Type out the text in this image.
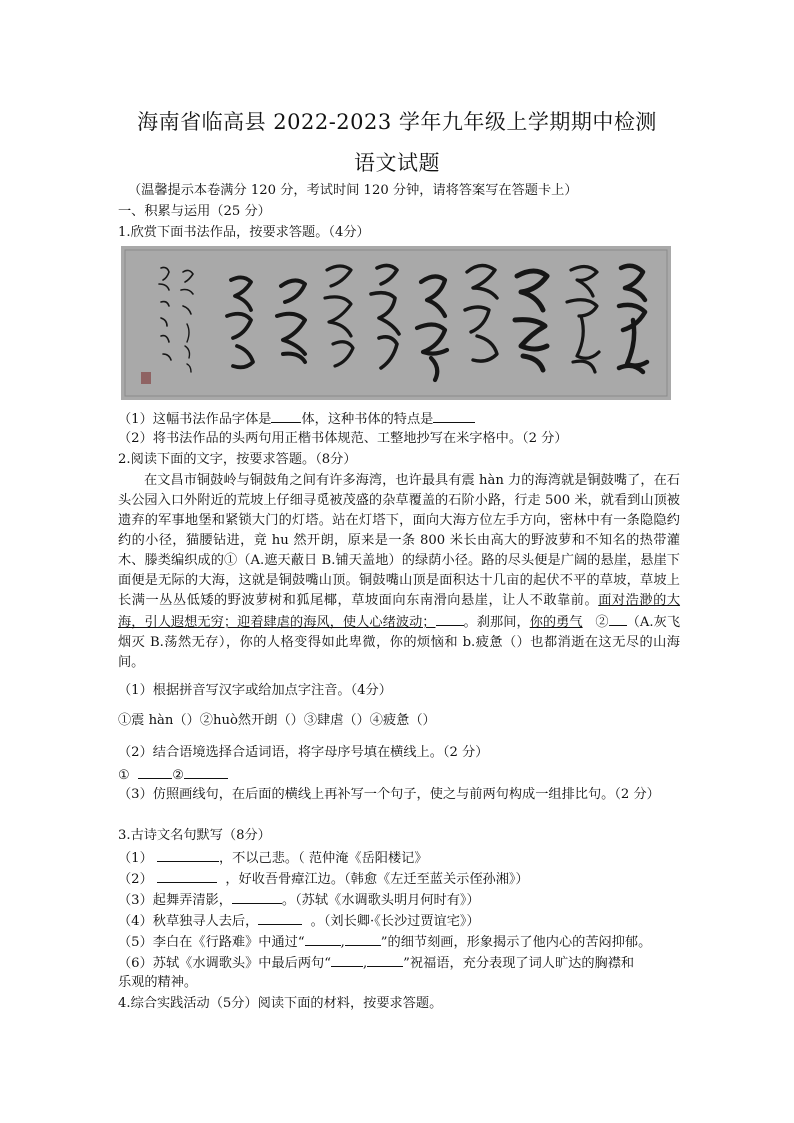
海南省临高县 2022-2023 学年九年级上学期期中检测
语文试题
（温馨提示本卷满分 120 分，考试时间 120 分钟，请将答案写在答题卡上）
一、积累与运用（25 分）
1.欣赏下面书法作品，按要求答题。（4分）
（1）这幅书法作品字体是 体，这种书体的特点是
（2）将书法作品的头两句用正楷书体规范、工整地抄写在米字格中。（2 分）
2.阅读下面的文字，按要求答题。（8分）
在文昌市铜鼓岭与铜鼓角之间有许多海湾，也许最具有震 hàn 力的海湾就是铜鼓嘴了，在石头公园入口外附近的荒坡上仔细寻觅被茂盛的杂草覆盖的石阶小路，行走 500 米，就看到山顶被遗弃的军事地堡和紧锁大门的灯塔。站在灯塔下，面向大海方位左手方向，密林中有一条隐隐约约的小径，猫腰钻进，竟 hu 然开朗，原来是一条 800 米长由高大的野波萝和不知名的热带灌木、滕类编织成的①（A.遮天蔽日 B.铺天盖地）的绿荫小径。路的尽头便是广阔的悬崖，悬崖下面便是无际的大海，这就是铜鼓嘴山顶。铜鼓嘴山顶是面积达十几亩的起伏不平的草坡，草坡上长满一丛丛低矮的野波萝树和狐尾椰，草坡面向东南滑向悬崖，让人不敢靠前。面对浩渺的大海，引人遐想无穷；迎着肆虐的海风，使人心绪波动； 。刹那间，你的勇气 ② （A.灰飞烟灭 B.荡然无存），你的人格变得如此卑微，你的烦恼和 b.疲惫（）也都消逝在这无尽的山海间。
（1）根据拼音写汉字或给加点字注音。（4分）
①震 hàn（）②huò然开朗（）③肆虐（）④疲惫（）
（2）结合语境选择合适词语，将字母序号填在横线上。（2 分）
①	②
（3）仿照画线句，在后面的横线上再补写一个句子，使之与前两句构成一组排比句。（2 分）
3.古诗文名句默写（8分）
（1）	，不以己悲。（ 范仲淹《岳阳楼记》
（2）	，好收吾骨瘴江边。（韩愈《左迁至蓝关示侄孙湘》）
（3）起舞弄清影，	。（苏轼《水调歌头明月何时有》）
（4）秋草独寻人去后，	。（刘长卿·《长沙过贾谊宅》）
（5）李白在《行路难》中通过“	,	”的细节刻画，形象揭示了他内心的苦闷抑郁。
（6）苏轼《水调歌头》中最后两句“ ,	”祝福语，充分表现了词人旷达的胸襟和
乐观的精神。
4.综合实践活动（5分）阅读下面的材料，按要求答题。
